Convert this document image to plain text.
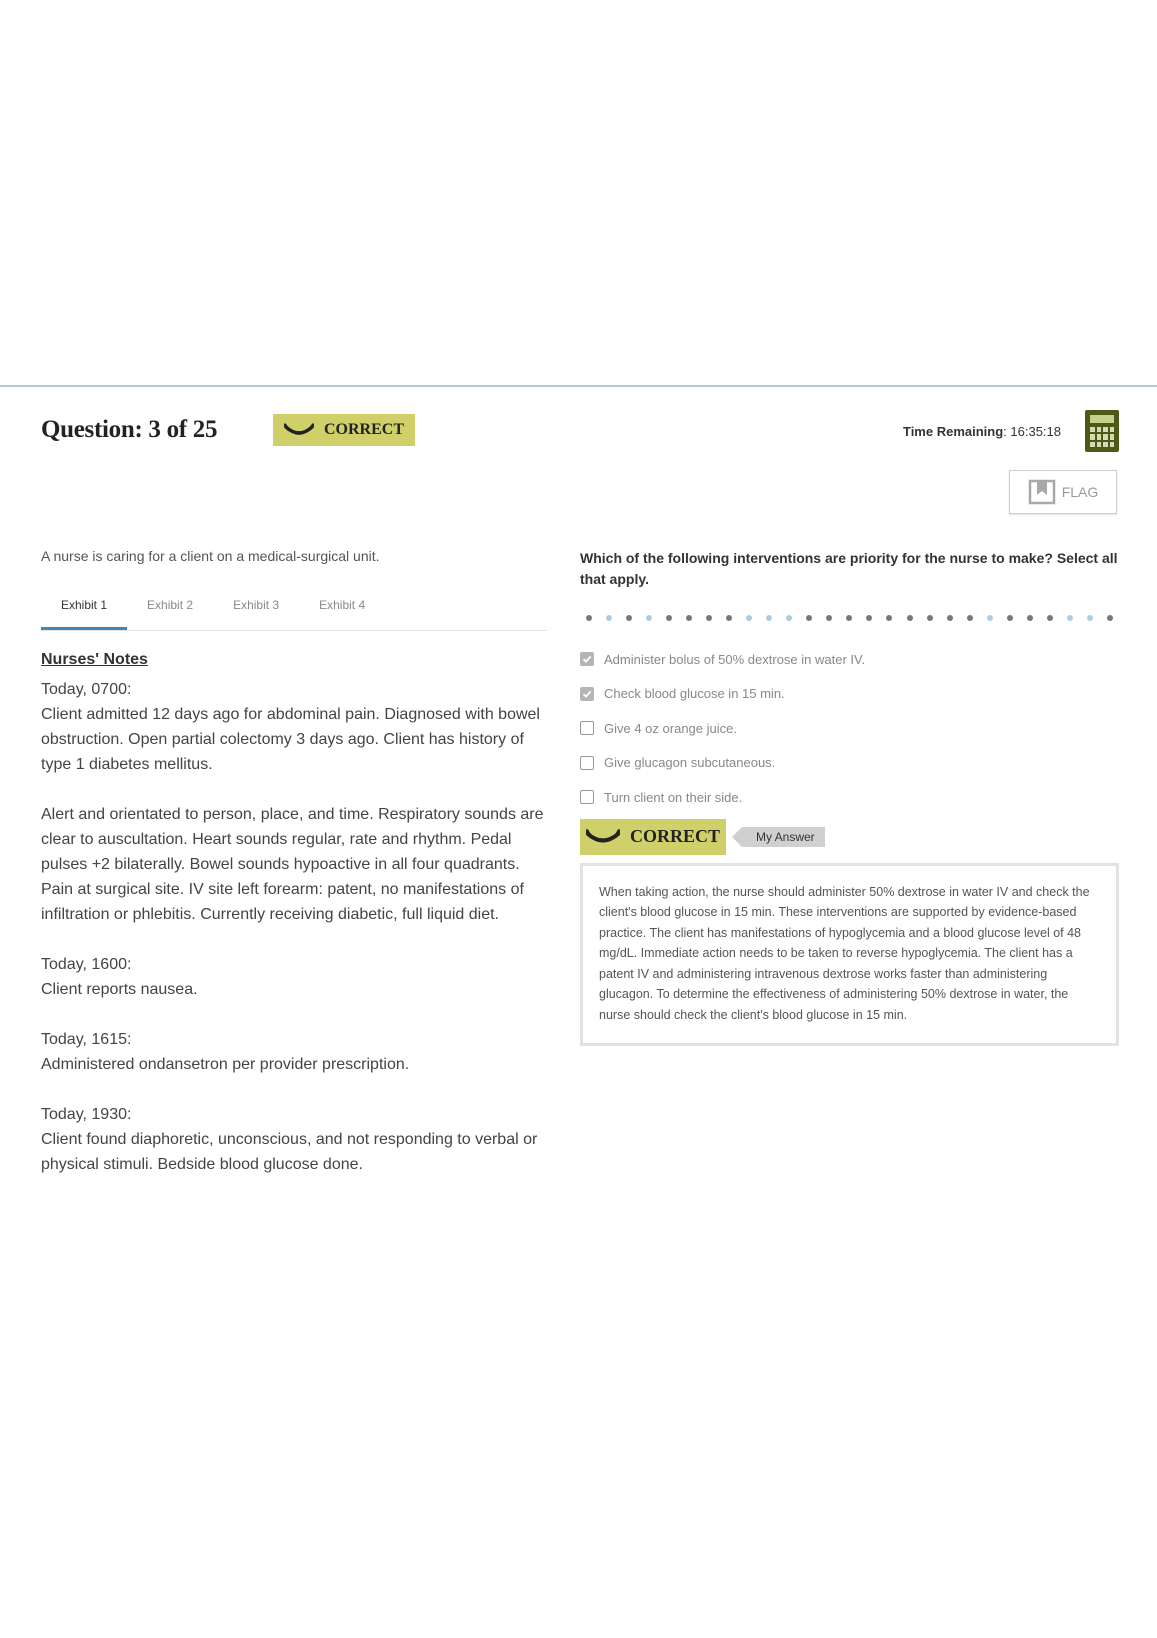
Question: 3 of 25	CORRECT	Time Remaining: 16:35:18
FLAG

A nurse is caring for a client on a medical-surgical unit.

Exhibit 1	Exhibit 2	Exhibit 3	Exhibit 4
Nurses' Notes
Today, 0700:
Client admitted 12 days ago for abdominal pain. Diagnosed with bowel obstruction. Open partial colectomy 3 days ago. Client has history of type 1 diabetes mellitus.
Alert and orientated to person, place, and time. Respiratory sounds are clear to auscultation. Heart sounds regular, rate and rhythm. Pedal pulses +2 bilaterally. Bowel sounds hypoactive in all four quadrants. Pain at surgical site. IV site left forearm: patent, no manifestations of infiltration or phlebitis. Currently receiving diabetic, full liquid diet.
Today, 1600:
Client reports nausea.
Today, 1615:
Administered ondansetron per provider prescription.
Today, 1930:
Client found diaphoretic, unconscious, and not responding to verbal or physical stimuli. Bedside blood glucose done.

Which of the following interventions are priority for the nurse to make? Select all that apply.

Administer bolus of 50% dextrose in water IV.
Check blood glucose in 15 min.
Give 4 oz orange juice.
Give glucagon subcutaneous.
Turn client on their side.
CORRECT	My Answer
When taking action, the nurse should administer 50% dextrose in water IV and check the client's blood glucose in 15 min. These interventions are supported by evidence-based practice. The client has manifestations of hypoglycemia and a blood glucose level of 48 mg/dL. Immediate action needs to be taken to reverse hypoglycemia. The client has a patent IV and administering intravenous dextrose works faster than administering glucagon. To determine the effectiveness of administering 50% dextrose in water, the nurse should check the client's blood glucose in 15 min.
